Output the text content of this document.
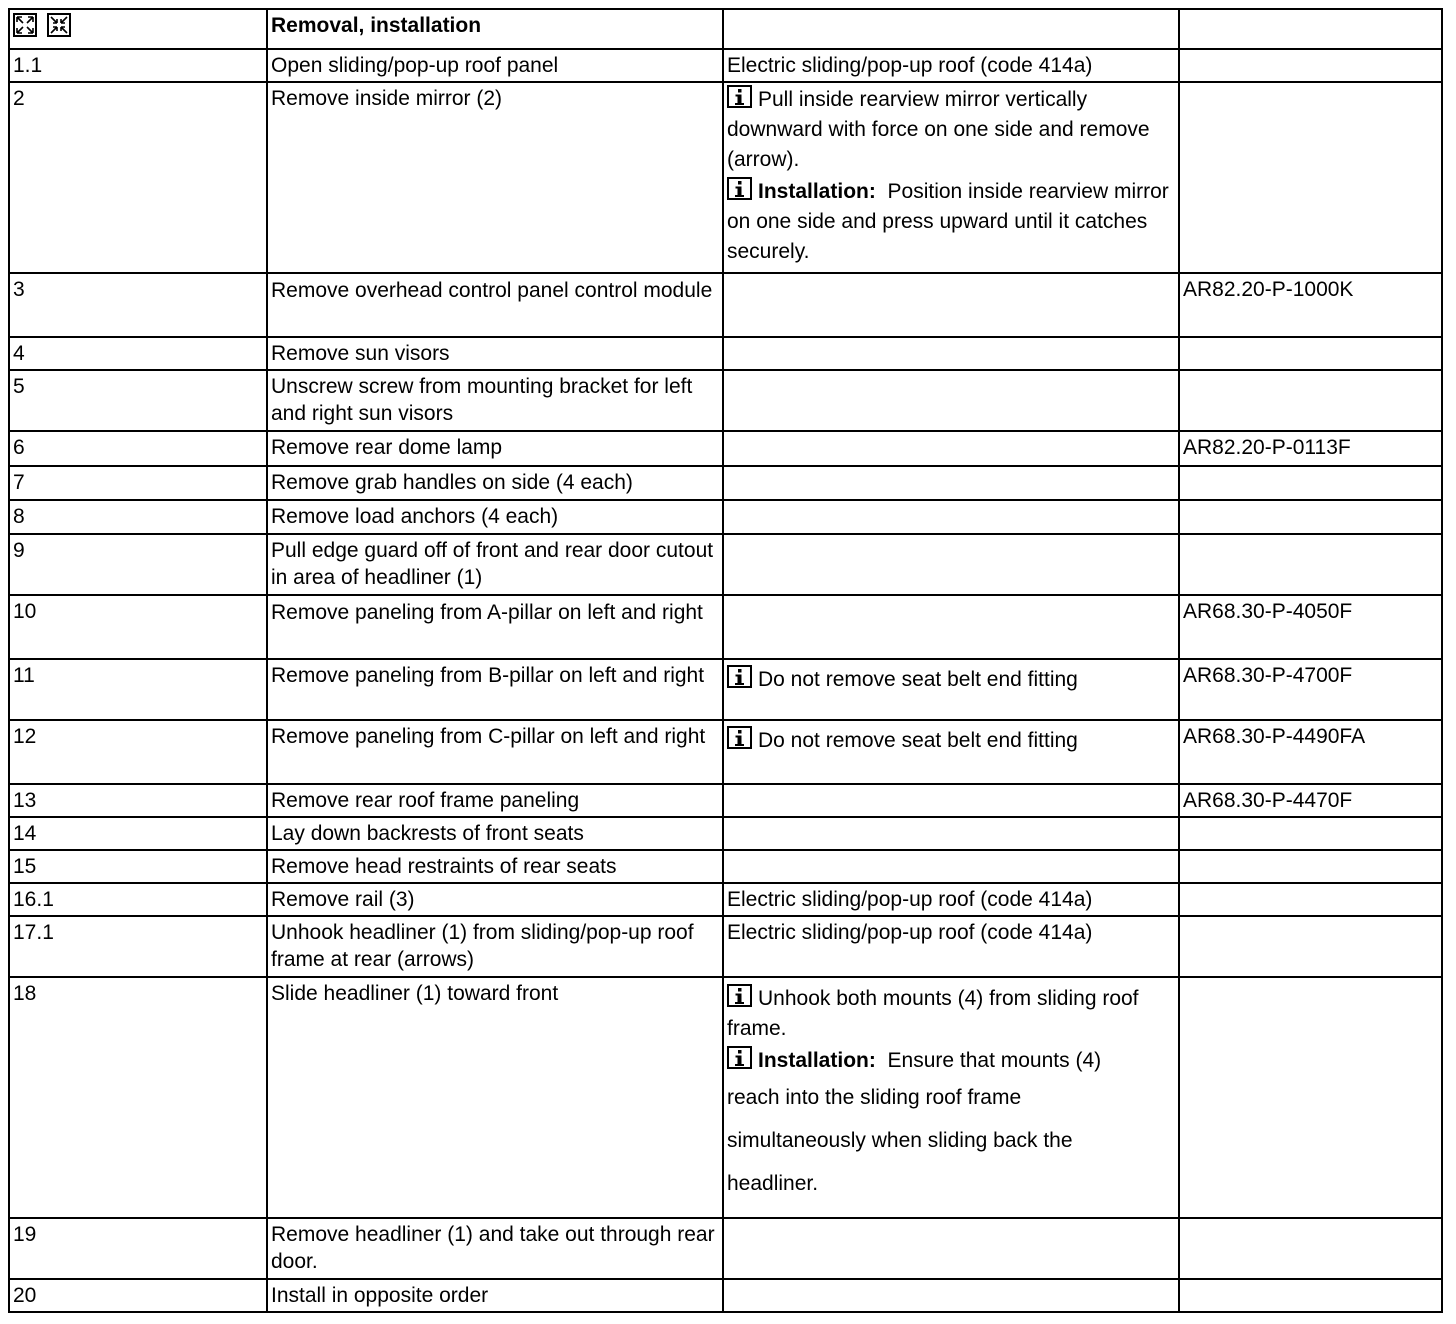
	Removal, installation		
1.1	Open sliding/pop-up roof panel	Electric sliding/pop-up roof (code 414a)	
2	Remove inside mirror (2)	Pull inside rearview mirror vertically downward with force on one side and remove (arrow).
Installation: Position inside rearview mirror on one side and press upward until it catches securely.	

3	Remove overhead control panel control module		AR82.20-P-1000K
4	Remove sun visors		
5	Unscrew screw from mounting bracket for left and right sun visors		
6	Remove rear dome lamp		AR82.20-P-0113F
7	Remove grab handles on side (4 each)		
8	Remove load anchors (4 each)		
9	Pull edge guard off of front and rear door cutout in area of headliner (1)		
10	Remove paneling from A-pillar on left and right		AR68.30-P-4050F
11	Remove paneling from B-pillar on left and right	Do not remove seat belt end fitting	AR68.30-P-4700F
12	Remove paneling from C-pillar on left and right	Do not remove seat belt end fitting	AR68.30-P-4490FA
13	Remove rear roof frame paneling		AR68.30-P-4470F
14	Lay down backrests of front seats		
15	Remove head restraints of rear seats		
16.1	Remove rail (3)	Electric sliding/pop-up roof (code 414a)	
17.1	Unhook headliner (1) from sliding/pop-up roof frame at rear (arrows)	Electric sliding/pop-up roof (code 414a)	
18	Slide headliner (1) toward front	Unhook both mounts (4) from sliding roof frame.
Installation: Ensure that mounts (4)
reach into the sliding roof frame
simultaneously when sliding back the
headliner.	

19	Remove headliner (1) and take out through rear door.		
20	Install in opposite order		
